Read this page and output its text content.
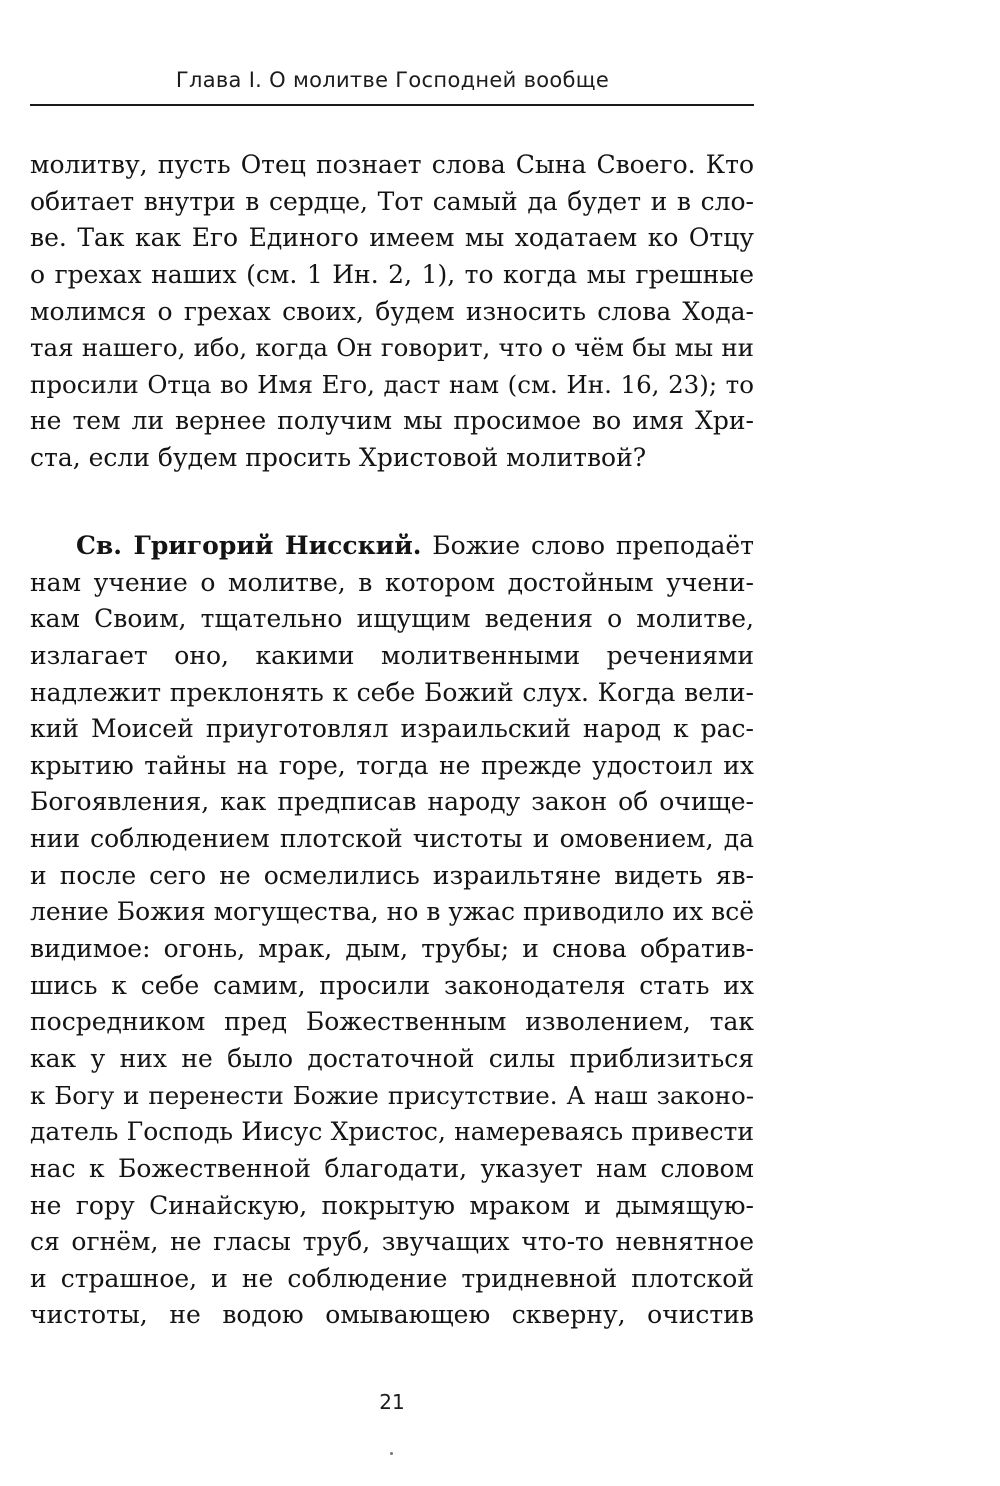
Глава I. О молитве Господней вообще
молитву, пусть Отец познает слова Сына Своего. Кто
обитает внутри в сердце, Тот самый да будет и в сло-
ве. Так как Его Единого имеем мы ходатаем ко Отцу
о грехах наших (см. 1 Ин. 2, 1), то когда мы грешные
молимся о грехах своих, будем износить слова Хода-
тая нашего, ибо, когда Он говорит, что о чём бы мы ни
просили Отца во Имя Его, даст нам (см. Ин. 16, 23); то
не тем ли вернее получим мы просимое во имя Хри-
ста, если будем просить Христовой молитвой?
Св. Григорий Нисский. Божие слово преподаёт
нам учение о молитве, в котором достойным учени-
кам Своим, тщательно ищущим ведения о молитве,
излагает оно, какими молитвенными речениями
надлежит преклонять к себе Божий слух. Когда вели-
кий Моисей приуготовлял израильский народ к рас-
крытию тайны на горе, тогда не прежде удостоил их
Богоявления, как предписав народу закон об очище-
нии соблюдением плотской чистоты и омовением, да
и после сего не осмелились израильтяне видеть яв-
ление Божия могущества, но в ужас приводило их всё
видимое: огонь, мрак, дым, трубы; и снова обратив-
шись к себе самим, просили законодателя стать их
посредником пред Божественным изволением, так
как у них не было достаточной силы приблизиться
к Богу и перенести Божие присутствие. А наш законо-
датель Господь Иисус Христос, намереваясь привести
нас к Божественной благодати, указует нам словом
не гору Синайскую, покрытую мраком и дымящую-
ся огнём, не гласы труб, звучащих что-то невнятное
и страшное, и не соблюдение тридневной плотской
чистоты, не водою омывающею скверну, очистив
21
